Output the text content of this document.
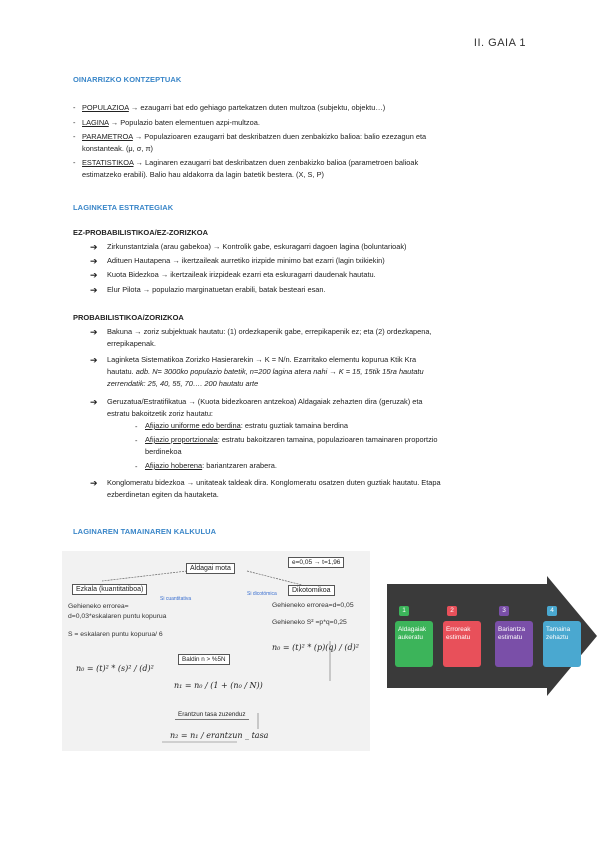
II. GAIA 1
OINARRIZKO KONTZEPTUAK
- POPULAZIOA → ezaugarri bat edo gehiago partekatzen duten multzoa (subjektu, objektu…)
- LAGINA → Populazio baten elementuen azpi-multzoa.
- PARAMETROA → Populazioaren ezaugarri bat deskribatzen duen zenbakizko balioa: balio ezezagun eta
konstanteak. (μ, σ, π)
- ESTATISTIKOA → Laginaren ezaugarri bat deskribatzen duen zenbakizko balioa (parametroen balioak
estimatzeko erabili). Balio hau aldakorra da lagin batetik bestera. (X, S, P)
LAGINKETA ESTRATEGIAK
EZ-PROBABILISTIKOA/EZ-ZORIZKOA
➔ Zirkunstantziala (arau gabekoa) → Kontrolik gabe, eskuragarri dagoen lagina (boluntarioak)
➔ Adituen Hautapena → ikertzaileak aurretiko irizpide minimo bat ezarri (lagin txikiekin)
➔ Kuota Bidezkoa → ikertzaileak irizpideak ezarri eta eskuragarri daudenak hautatu.
➔ Elur Pilota → populazio marginatuetan erabili, batak besteari esan.
PROBABILISTIKOA/ZORIZKOA
➔ Bakuna → zoriz subjektuak hautatu: (1) ordezkapenik gabe, errepikapenik ez; eta (2) ordezkapena,
errepikapenak.
➔ Laginketa Sistematikoa Zorizko Hasierarekin → K = N/n. Ezarritako elementu kopurua Ktik Kra
hautatu. adb. N= 3000ko populazio batetik, n=200 lagina atera nahi → K = 15, 15tik 15ra hautatu
zerrendatik: 25, 40, 55, 70…. 200 hautatu arte
➔ Geruzatua/Estratifikatua → (Kuota bidezkoaren antzekoa) Aldagaiak zehazten dira (geruzak) eta
estratu bakoitzetik zoriz hautatu:
- Afijazio uniforme edo berdina: estratu guztiak tamaina berdina
- Afijazio proportzionala: estratu bakoitzaren tamaina, populazioaren tamainaren proportzio
berdinekoa
- Afijazio hoberena: bariantzaren arabera.
➔ Konglomeratu bidezkoa → unitateak taldeak dira. Konglomeratu osatzen duten guztiak hautatu. Etapa
ezberdinetan egiten da hautaketa.
LAGINAREN TAMAINAREN KALKULUA
Aldagai mota
e=0,05 → t=1,96
Ezkala (kuantitatiboa)
Si cuantitativa
Si dicotómica	Dikotomikoa
Gehieneko errorea=
d=0,03*eskalaren puntu kopurua
S = eskalaren puntu kopurua/ 6
Gehieneko errorea=d=0,05
Gehieneko S² =p*q=0,25
n₀ = (t)² * (s)² / (d)²
n₀ = (t)² * (p)(q) / (d)²
Baldin n > %5N
n₁ = n₀ / (1 + (n₀ / N))
Erantzun tasa zuzenduz
n₂ = n₁ / erantzun _ tasa
1
Aldagaiak aukeratu
2
Erroreak estimatu
3
Bariantza estimatu
4
Tamaina zehaztu
